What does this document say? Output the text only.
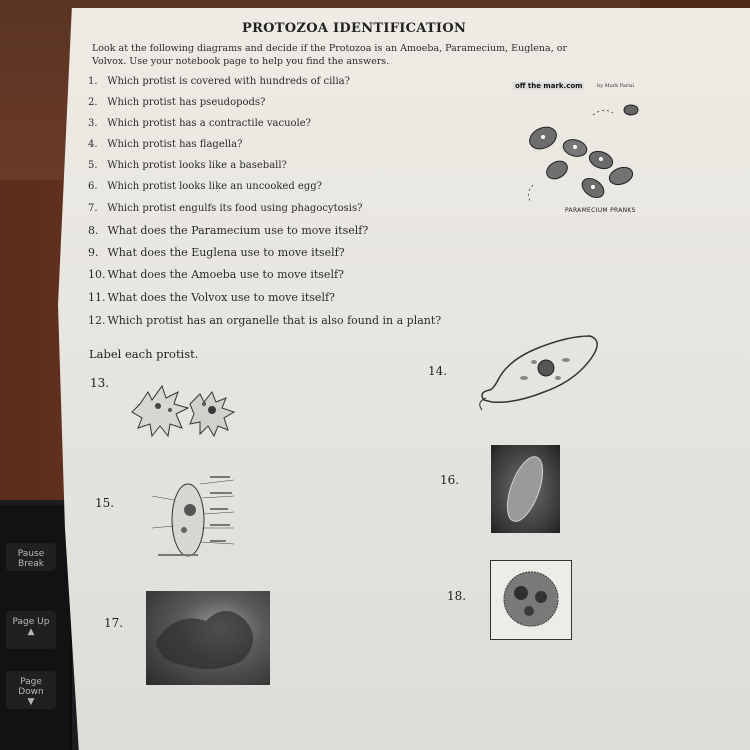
Pause Break
Page Up
▲
Page Down
▼
PROTOZOA IDENTIFICATION
Look at the following diagrams and decide if the Protozoa is an Amoeba, Paramecium, Euglena, or Volvox. Use your notebook page to help you find the answers.
1. Which protist is covered with hundreds of cilia?
2. Which protist has pseudopods?
3. Which protist has a contractile vacuole?
4. Which protist has flagella?
5. Which protist looks like a baseball?
6. Which protist looks like an uncooked egg?
7. Which protist engulfs its food using phagocytosis?
8. What does the Paramecium use to move itself?
9. What does the Euglena use to move itself?
10. What does the Amoeba use to move itself?
11. What does the Volvox use to move itself?
12. Which protist has an organelle that is also found in a plant?
off the mark.com	by Mark Parisi
PARAMECIUM PRANKS
Label each protist.
13.
14.
15.
16.
17.
18.
